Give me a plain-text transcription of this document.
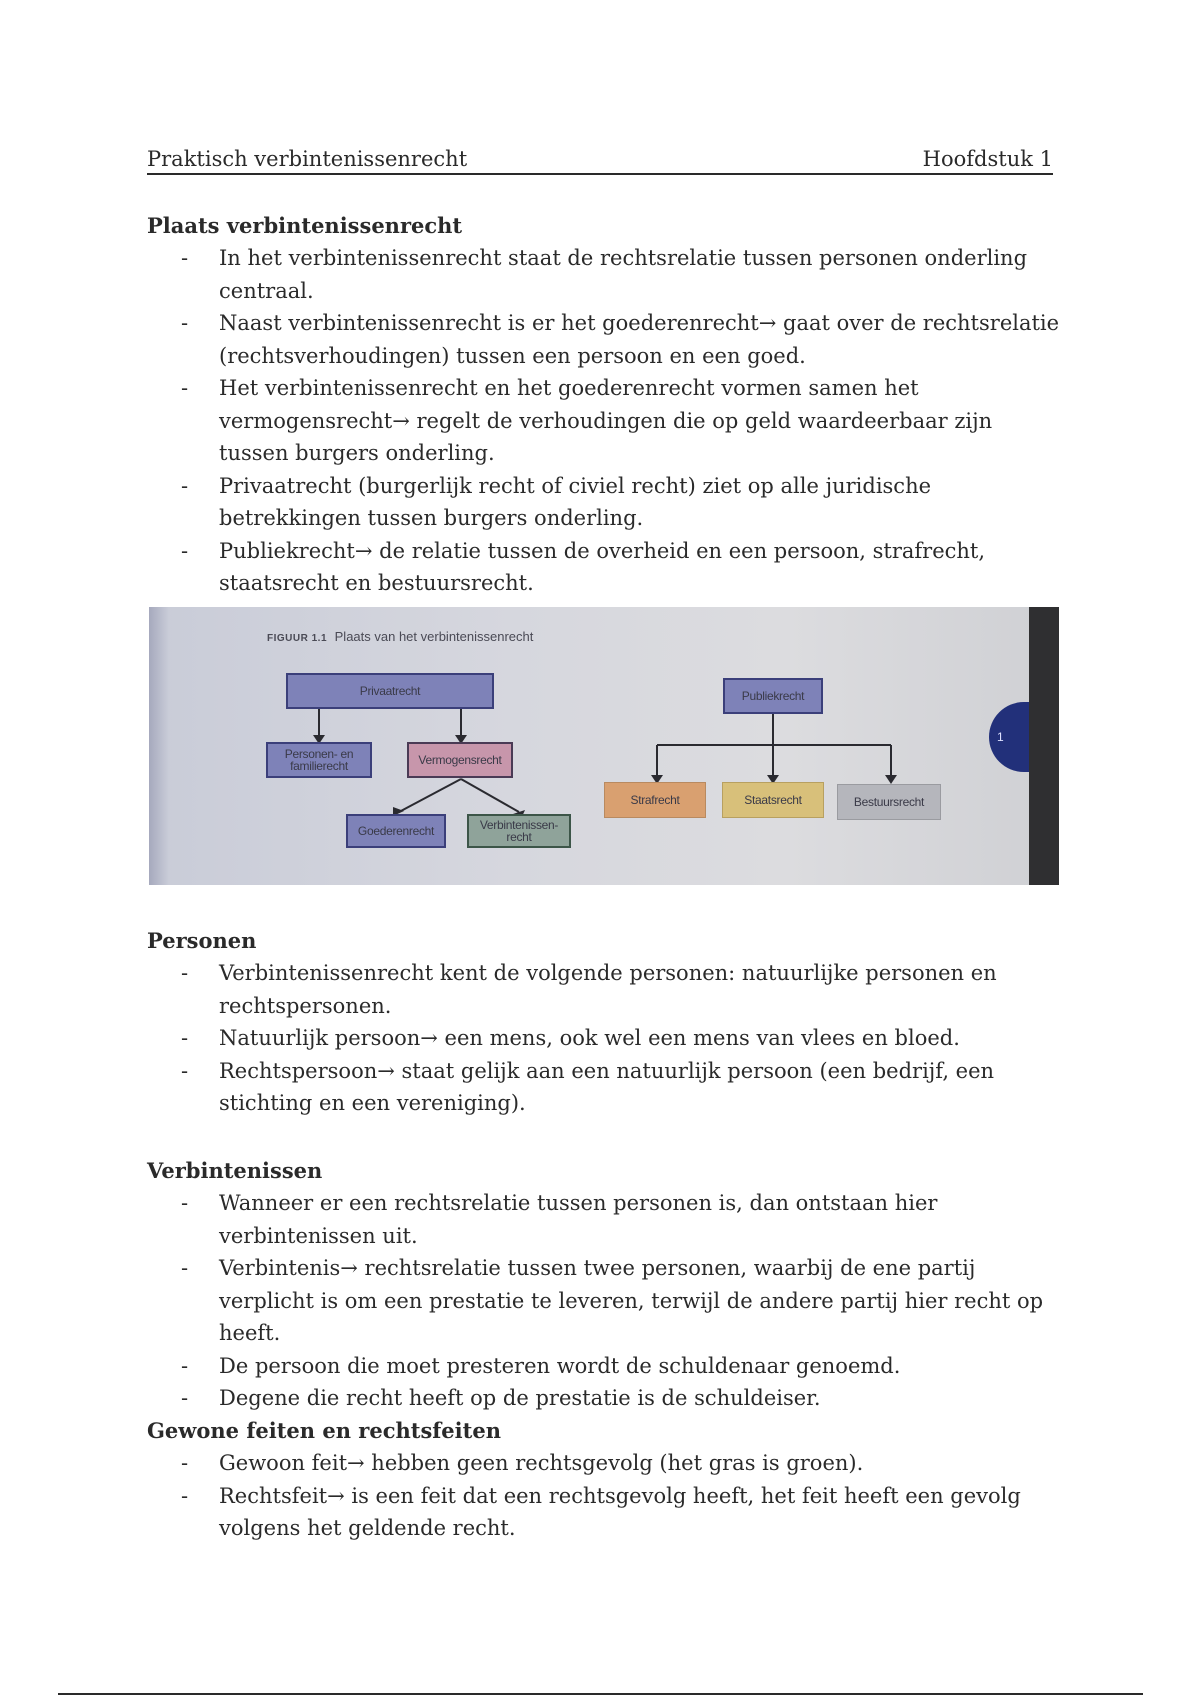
Praktisch verbintenissenrecht	Hoofdstuk 1
Plaats verbintenissenrecht
- In het verbintenissenrecht staat de rechtsrelatie tussen personen onderling centraal.
- Naast verbintenissenrecht is er het goederenrecht→ gaat over de rechtsrelatie (rechtsverhoudingen) tussen een persoon en een goed.
- Het verbintenissenrecht en het goederenrecht vormen samen het vermogensrecht→ regelt de verhoudingen die op geld waardeerbaar zijn tussen burgers onderling.
- Privaatrecht (burgerlijk recht of civiel recht) ziet op alle juridische betrekkingen tussen burgers onderling.
- Publiekrecht→ de relatie tussen de overheid en een persoon, strafrecht, staatsrecht en bestuursrecht.
FIGUUR 1.1 Plaats van het verbintenissenrecht
Privaatrecht
Personen- en familierecht	Vermogensrecht
Goederenrecht	Verbintenissen- recht
Publiekrecht
Strafrecht	Staatsrecht	Bestuursrecht
1
Personen
- Verbintenissenrecht kent de volgende personen: natuurlijke personen en rechtspersonen.
- Natuurlijk persoon→ een mens, ook wel een mens van vlees en bloed.
- Rechtspersoon→ staat gelijk aan een natuurlijk persoon (een bedrijf, een stichting en een vereniging).
Verbintenissen
- Wanneer er een rechtsrelatie tussen personen is, dan ontstaan hier verbintenissen uit.
- Verbintenis→ rechtsrelatie tussen twee personen, waarbij de ene partij verplicht is om een prestatie te leveren, terwijl de andere partij hier recht op heeft.
- De persoon die moet presteren wordt de schuldenaar genoemd.
- Degene die recht heeft op de prestatie is de schuldeiser.
Gewone feiten en rechtsfeiten
- Gewoon feit→ hebben geen rechtsgevolg (het gras is groen).
- Rechtsfeit→ is een feit dat een rechtsgevolg heeft, het feit heeft een gevolg volgens het geldende recht.
